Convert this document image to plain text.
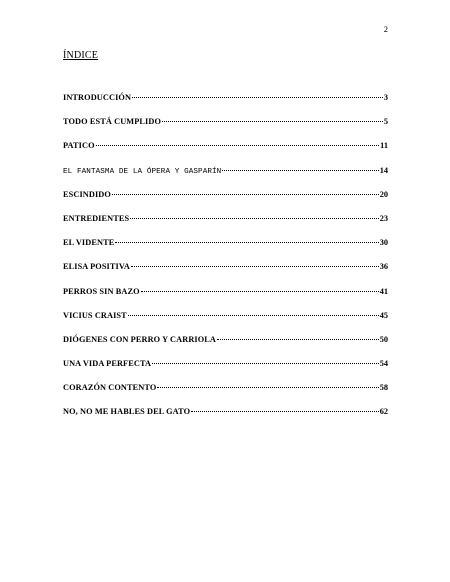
2
ÍNDICE
INTRODUCCIÓN	3
TODO ESTÁ CUMPLIDO	5
PATICO	11
EL FANTASMA DE LA ÓPERA Y GASPARÍN	14
ESCINDIDO	20
ENTREDIENTES	23
EL VIDENTE	30
ELISA POSITIVA	36
PERROS SIN BAZO	41
VICIUS CRAIST	45
DIÓGENES CON PERRO Y CARRIOLA	50
UNA VIDA PERFECTA	54
CORAZÓN CONTENTO	58
NO, NO ME HABLES DEL GATO	62
